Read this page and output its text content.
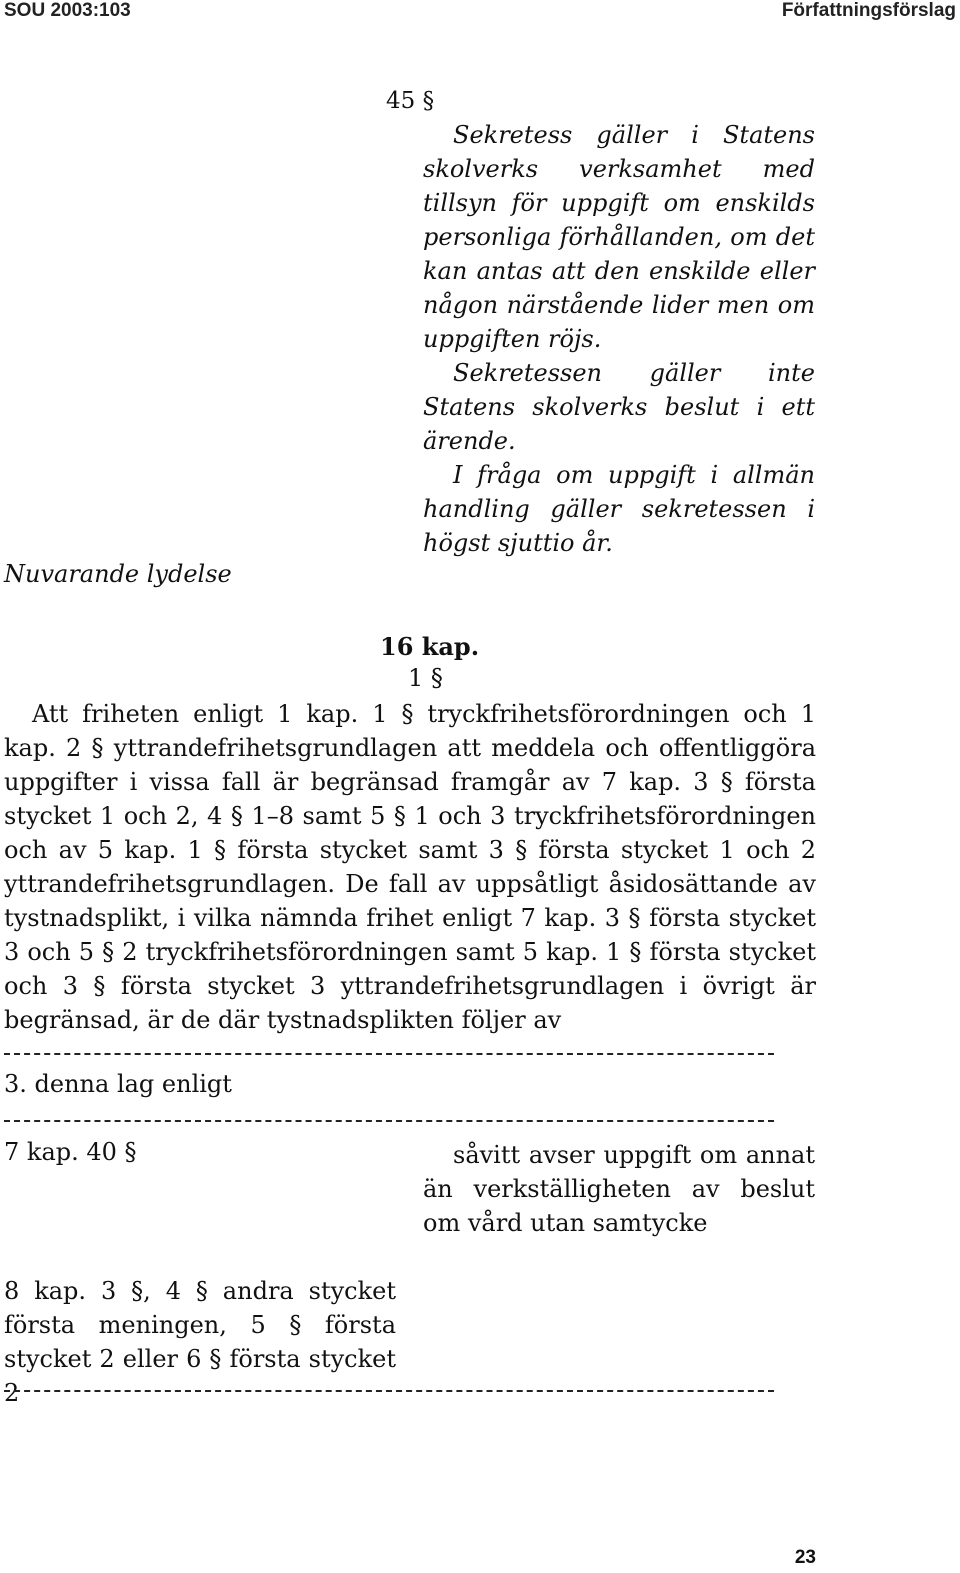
SOU 2003:103	Författningsförslag
45 §

Sekretess gäller i Statens skolverks verksamhet med tillsyn för uppgift om enskilds personliga förhållanden, om det kan antas att den enskilde eller någon närstående lider men om uppgiften röjs.

Sekretessen gäller inte Statens skolverks beslut i ett ärende.

I fråga om uppgift i allmän handling gäller sekretessen i högst sjuttio år.

Nuvarande lydelse
16 kap.
1 §
Att friheten enligt 1 kap. 1 § tryckfrihetsförordningen och 1 kap. 2 § yttrandefrihetsgrundlagen att meddela och offentliggöra uppgifter i vissa fall är begränsad framgår av 7 kap. 3 § första stycket 1 och 2, 4 § 1–8 samt 5 § 1 och 3 tryckfrihetsförordningen och av 5 kap. 1 § första stycket samt 3 § första stycket 1 och 2 yttrandefrihetsgrundlagen. De fall av uppsåtligt åsidosättande av tystnadsplikt, i vilka nämnda frihet enligt 7 kap. 3 § första stycket 3 och 5 § 2 tryckfrihetsförordningen samt 5 kap. 1 § första stycket och 3 § första stycket 3 yttrandefrihetsgrundlagen i övrigt är begränsad, är de där tystnadsplikten följer av
3. denna lag enligt
7 kap. 40 §	såvitt avser uppgift om annat än verkställigheten av beslut om vård utan samtycke
8 kap. 3 §, 4 § andra stycket första meningen, 5 § första stycket 2 eller 6 § första stycket 2
23
